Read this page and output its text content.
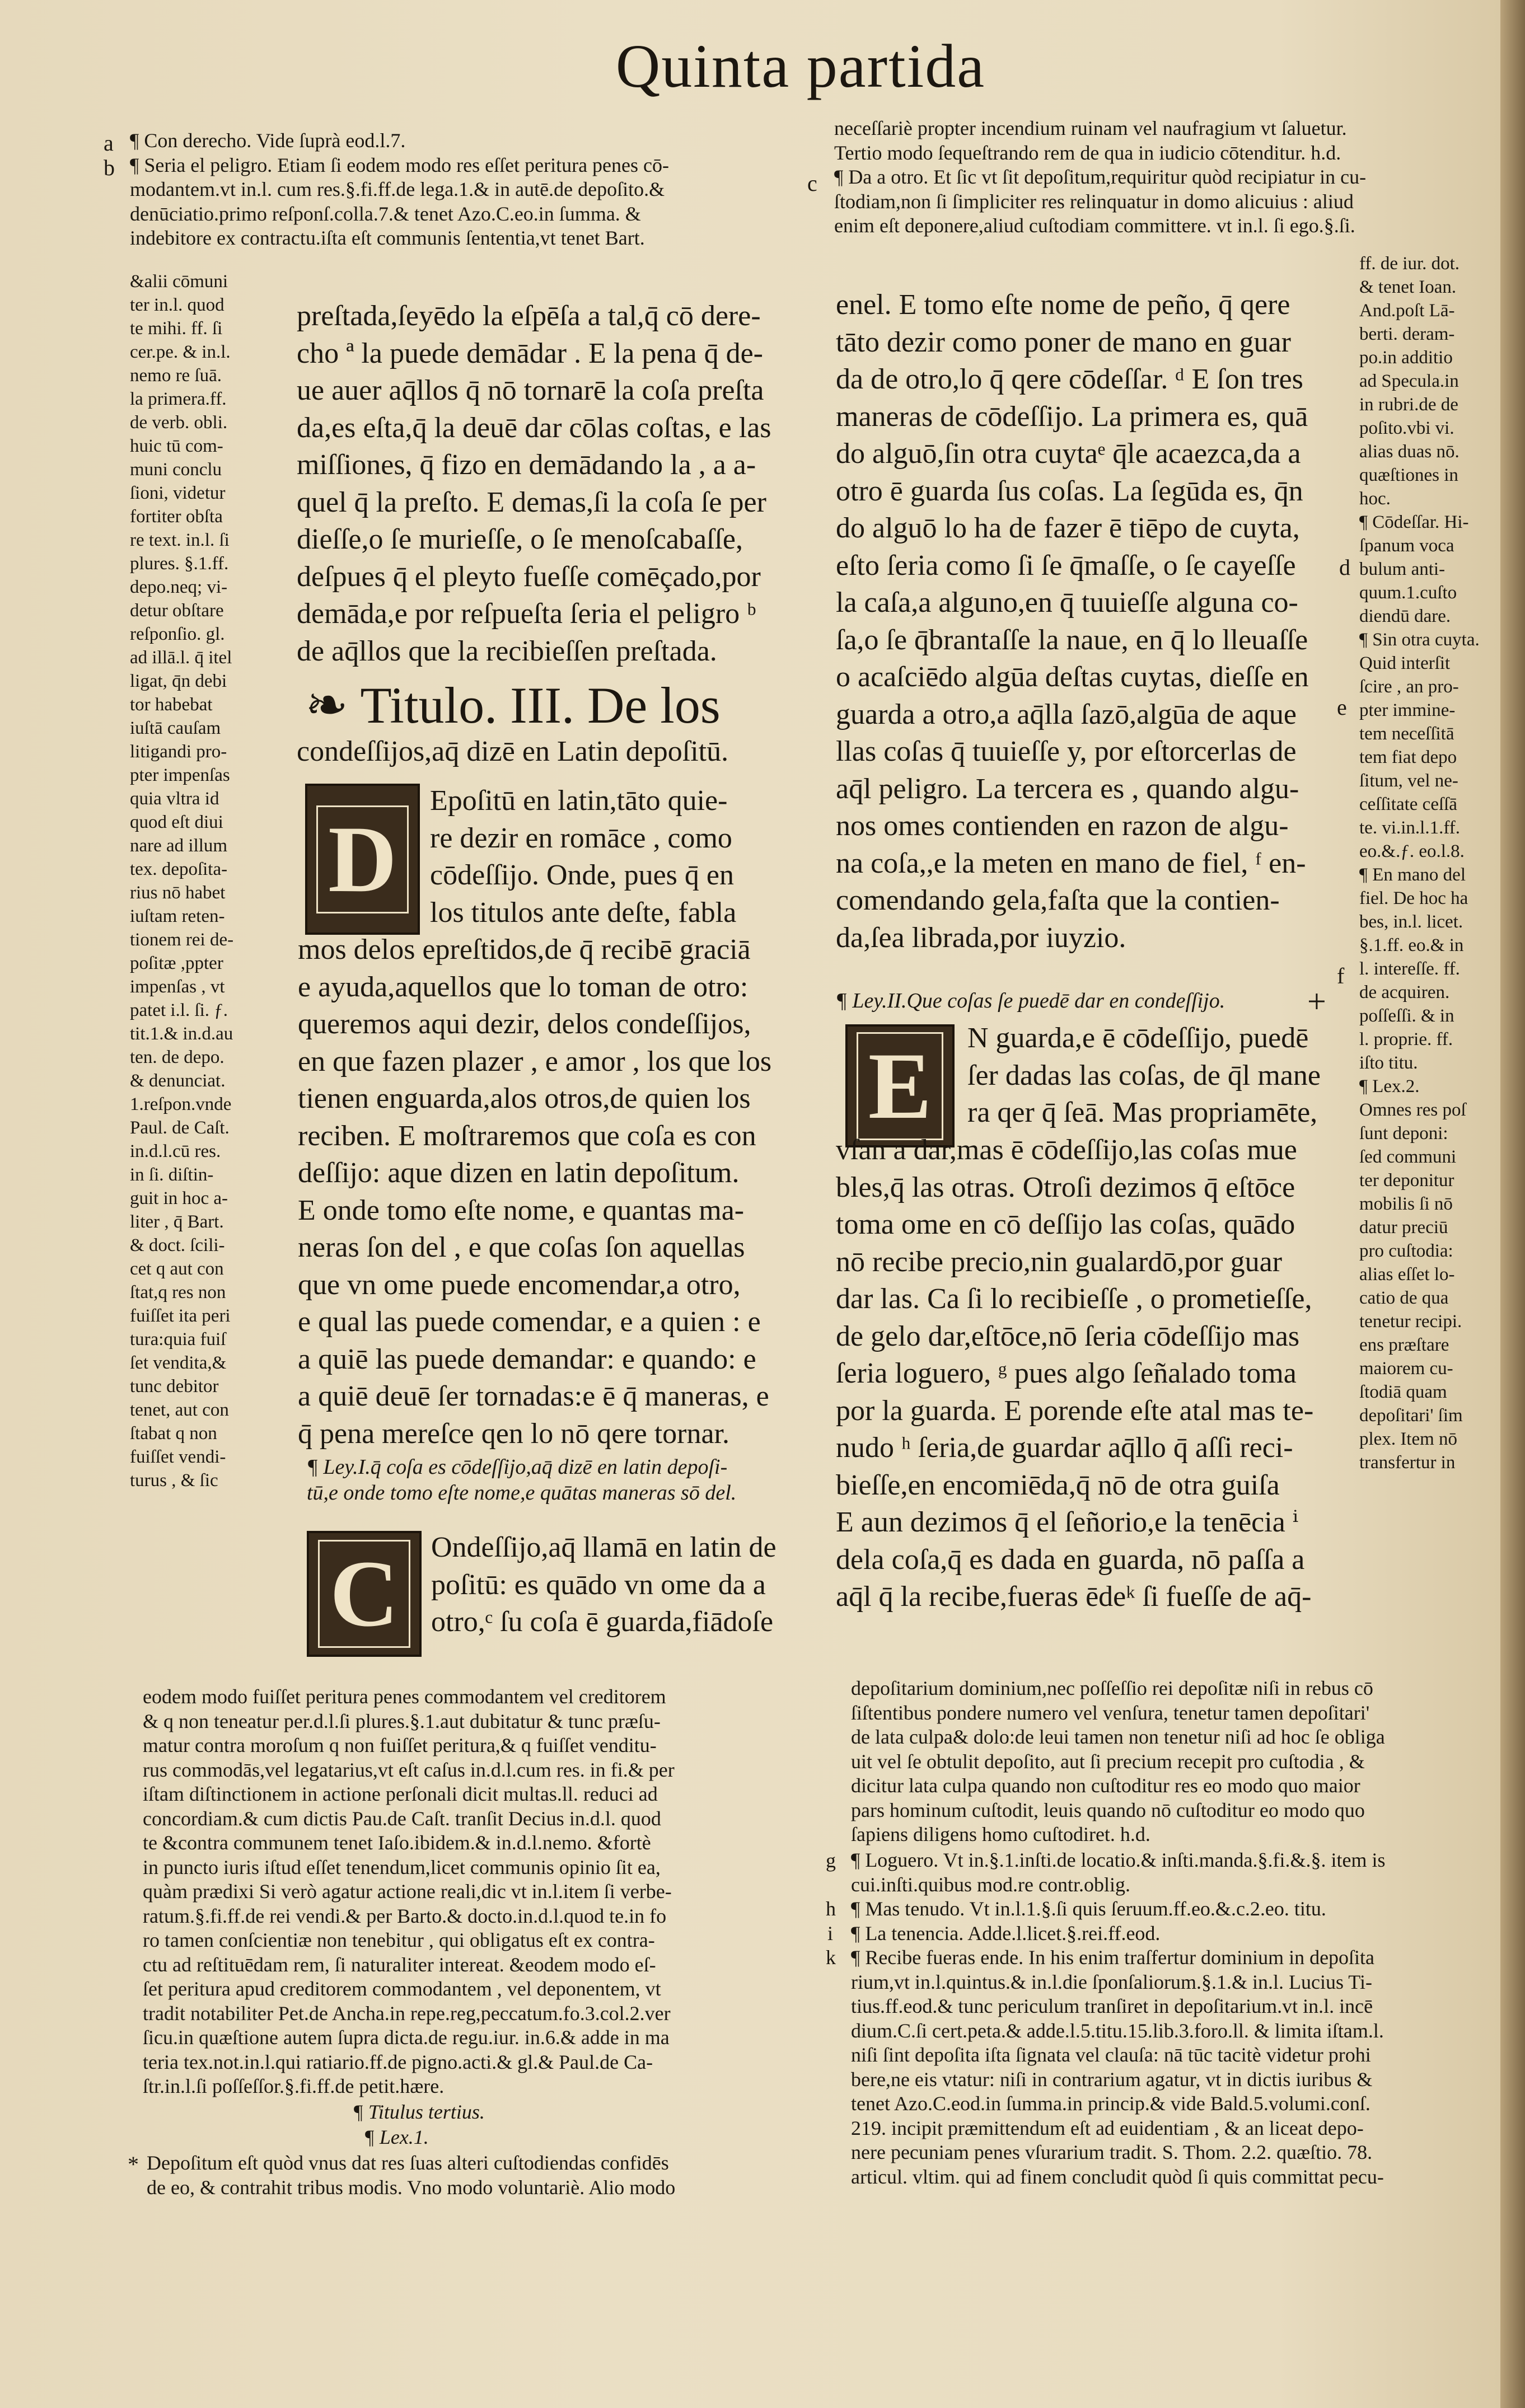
Quinta partida
¶ Con derecho. Vide ſuprà eod.l.7.
¶ Seria el peligro. Etiam ſi eodem modo res eſſet peritura penes cō-
modantem.vt in.l. cum res.§.fi.ff.de lega.1.& in autē.de depoſito.&
denūciatio.primo reſponſ.colla.7.& tenet Azo.C.eo.in ſumma. &
indebitore ex contractu.iſta eſt communis ſententia,vt tenet Bart.
a
b
&alii cōmuni
ter in.l. quod
te mihi. ff. ſi
cer.pe. & in.l.
nemo re ſuā.
la primera.ff.
de verb. obli.
huic tū com-
muni conclu
ſioni, videtur
fortiter obſta
re text. in.l. ſi
plures. §.1.ff.
depo.neq; vi-
detur obſtare
reſponſio. gl.
ad illā.l. q̄ itel
ligat, q̄n debi
tor habebat
iuſtā cauſam
litigandi pro-
pter impenſas
quia vltra id
quod eſt diui
nare ad illum
tex. depoſita-
rius nō habet
iuſtam reten-
tionem rei de-
poſitæ ,ppter
impenſas , vt
patet i.l. ſi. ƒ.
tit.1.& in.d.au
ten. de depo.
& denunciat.
1.reſpon.vnde
Paul. de Caſt.
in.d.l.cū res.
in ſi. diſtin-
guit in hoc a-
liter , q̄ Bart.
& doct. ſcili-
cet q aut con
ſtat,q res non
fuiſſet ita peri
tura:quia fuiſ
ſet vendita,&
tunc debitor
tenet, aut con
ſtabat q non
fuiſſet vendi-
turus , & ſic
preſtada,ſeyēdo la eſpēſa a tal,q̄ cō dere-
cho ª la puede demādar . E la pena q̄ de-
ue auer aq̄llos q̄ nō tornarē la coſa preſta
da,es eſta,q̄ la deuē dar cōlas coſtas, e las
miſſiones, q̄ fizo en demādando la , a a-
quel q̄ la preſto. E demas,ſi la coſa ſe per
dieſſe,o ſe murieſſe, o ſe menoſcabaſſe,
deſpues q̄ el pleyto fueſſe comēçado,por
demāda,e por reſpueſta ſeria el peligro ᵇ
de aq̄llos que la recibieſſen preſtada.
❧ Titulo. III. De los
condeſſijos,aq̄ dizē en Latin depoſitū.
D
Epoſitū en latin,tāto quie-
re dezir en romāce , como
cōdeſſijo. Onde, pues q̄ en
los titulos ante deſte, fabla
mos delos epreſtidos,de q̄ recibē graciā
e ayuda,aquellos que lo toman de otro:
queremos aqui dezir, delos condeſſijos,
en que fazen plazer , e amor , los que los
tienen enguarda,alos otros,de quien los
reciben. E moſtraremos que coſa es con
deſſijo: aque dizen en latin depoſitum.
E onde tomo eſte nome, e quantas ma-
neras ſon del , e que coſas ſon aquellas
que vn ome puede encomendar,a otro,
e qual las puede comendar, e a quien : e
a quiē las puede demandar: e quando: e
a quiē deuē ſer tornadas:e ē q̄ maneras, e
q̄ pena mereſce qen lo nō qere tornar.
¶ Ley.I.q̄ coſa es cōdeſſijo,aq̄ dizē en latin depoſi-
tū,e onde tomo eſte nome,e quātas maneras sō del.
C	Ondeſſijo,aq̄ llamā en latin de
poſitū: es quādo vn ome da a
otro,ᶜ ſu coſa ē guarda,fiādoſe
eodem modo fuiſſet peritura penes commodantem vel creditorem
& q non teneatur per.d.l.ſi plures.§.1.aut dubitatur & tunc præſu-
matur contra moroſum q non fuiſſet peritura,& q fuiſſet venditu-
rus commodās,vel legatarius,vt eſt caſus in.d.l.cum res. in fi.& per
iſtam diſtinctionem in actione perſonali dicit multas.ll. reduci ad
concordiam.& cum dictis Pau.de Caſt. tranſit Decius in.d.l. quod
te &contra communem tenet Iaſo.ibidem.& in.d.l.nemo. &fortè
in puncto iuris iſtud eſſet tenendum,licet communis opinio ſit ea,
quàm prædixi Si verò agatur actione reali,dic vt in.l.item ſi verbe-
ratum.§.fi.ff.de rei vendi.& per Barto.& docto.in.d.l.quod te.in fo
ro tamen conſcientiæ non tenebitur , qui obligatus eſt ex contra-
ctu ad reſtituēdam rem, ſi naturaliter intereat. &eodem modo eſ-
ſet peritura apud creditorem commodantem , vel deponentem, vt
tradit notabiliter Pet.de Ancha.in repe.reg,peccatum.fo.3.col.2.ver
ſicu.in quæſtione autem ſupra dicta.de regu.iur. in.6.& adde in ma
teria tex.not.in.l.qui ratiario.ff.de pigno.acti.& gl.& Paul.de Ca-
ſtr.in.l.ſi poſſeſſor.§.fi.ff.de petit.hære.
¶ Titulus tertius.
¶ Lex.1.
* Depoſitum eſt quòd vnus dat res ſuas alteri cuſtodiendas confidēs
de eo, & contrahit tribus modis. Vno modo voluntariè. Alio modo
c
neceſſariè propter incendium ruinam vel naufragium vt ſaluetur.
Tertio modo ſequeſtrando rem de qua in iudicio cōtenditur. h.d.
¶ Da a otro. Et ſic vt ſit depoſitum,requiritur quòd recipiatur in cu-
ſtodiam,non ſi ſimpliciter res relinquatur in domo alicuius : aliud
enim eſt deponere,aliud cuſtodiam committere. vt in.l. ſi ego.§.ſi.
ff. de iur. dot.
& tenet Ioan.
And.poſt Lā-
berti. deram-
po.in additio
ad Specula.in
in rubri.de de
poſito.vbi vi.
alias duas nō.
quæſtiones in
hoc.
¶ Cōdeſſar. Hi-
ſpanum voca
bulum anti-
quum.1.cuſto
diendū dare.
¶ Sin otra cuyta.
Quid interſit
ſcire , an pro-
pter immine-
tem neceſſitā
tem fiat depo
ſitum, vel ne-
ceſſitate ceſſā
te. vi.in.l.1.ff.
eo.&.ƒ. eo.l.8.
¶ En mano del
fiel. De hoc ha
bes, in.l. licet.
§.1.ff. eo.& in
l. intereſſe. ff.
de acquiren.
poſſeſſi. & in
l. proprie. ff.
iſto titu.
¶ Lex.2.
Omnes res poſ
ſunt deponi:
ſed communi
ter deponitur
mobilis ſi nō
datur preciū
pro cuſtodia:
alias eſſet lo-
catio de qua
tenetur recipi.
ens præſtare
maiorem cu-
ſtodiā quam
depoſitari' ſim
plex. Item nō
transfertur in
d
e
f
+
enel. E tomo eſte nome de peño, q̄ qere
tāto dezir como poner de mano en guar
da de otro,lo q̄ qere cōdeſſar. ᵈ E ſon tres
maneras de cōdeſſijo. La primera es, quā
do alguō,ſin otra cuytaᵉ q̄le acaezca,da a
otro ē guarda ſus coſas. La ſegūda es, q̄n
do alguō lo ha de fazer ē tiēpo de cuyta,
eſto ſeria como ſi ſe q̄maſſe, o ſe cayeſſe
la caſa,a alguno,en q̄ tuuieſſe alguna co-
ſa,o ſe q̄brantaſſe la naue, en q̄ lo lleuaſſe
o acaſciēdo algūa deſtas cuytas, dieſſe en
guarda a otro,a aq̄lla ſazō,algūa de aque
llas coſas q̄ tuuieſſe y, por eſtorcerlas de
aq̄l peligro. La tercera es , quando algu-
nos omes contienden en razon de algu-
na coſa,,e la meten en mano de fiel, ᶠ en-
comendando gela,faſta que la contien-
da,ſea librada,por iuyzio.
¶ Ley.II.Que coſas ſe puedē dar en condeſſijo.
E	N guarda,e ē cōdeſſijo, puedē
ſer dadas las coſas, de q̄l mane
ra qer q̄ ſeā. Mas propriamēte,
vſan a dar,mas ē cōdeſſijo,las coſas mue
bles,q̄ las otras. Otroſi dezimos q̄ eſtōce
toma ome en cō deſſijo las coſas, quādo
nō recibe precio,nin gualardō,por guar
dar las. Ca ſi lo recibieſſe , o prometieſſe,
de gelo dar,eſtōce,nō ſeria cōdeſſijo mas
ſeria loguero, ᵍ pues algo ſeñalado toma
por la guarda. E porende eſte atal mas te-
nudo ʰ ſeria,de guardar aq̄llo q̄ aſſi reci-
bieſſe,en encomiēda,q̄ nō de otra guiſa
E aun dezimos q̄ el ſeñorio,e la tenēcia ⁱ
dela coſa,q̄ es dada en guarda, nō paſſa a
aq̄l q̄ la recibe,fueras ēdeᵏ ſi fueſſe de aq̄-
depoſitarium dominium,nec poſſeſſio rei depoſitæ niſi in rebus cō
ſiſtentibus pondere numero vel venſura, tenetur tamen depoſitari'
de lata culpa& dolo:de leui tamen non tenetur niſi ad hoc ſe obliga
uit vel ſe obtulit depoſito, aut ſi precium recepit pro cuſtodia , &
dicitur lata culpa quando non cuſtoditur res eo modo quo maior
pars hominum cuſtodit, leuis quando nō cuſtoditur eo modo quo
ſapiens diligens homo cuſtodiret. h.d.
g
h
i
k
¶ Loguero. Vt in.§.1.inſti.de locatio.& inſti.manda.§.fi.&.§. item is
cui.inſti.quibus mod.re contr.oblig.
¶ Mas tenudo. Vt in.l.1.§.ſi quis ſeruum.ff.eo.&.c.2.eo. titu.
¶ La tenencia. Adde.l.licet.§.rei.ff.eod.
¶ Recibe fueras ende. In his enim traſfertur dominium in depoſita
rium,vt in.l.quintus.& in.l.die ſponſaliorum.§.1.& in.l. Lucius Ti-
tius.ff.eod.& tunc periculum tranſiret in depoſitarium.vt in.l. incē
dium.C.ſi cert.peta.& adde.l.5.titu.15.lib.3.foro.ll. & limita iſtam.l.
niſi ſint depoſita iſta ſignata vel clauſa: nā tūc tacitè videtur prohi
bere,ne eis vtatur: niſi in contrarium agatur, vt in dictis iuribus &
tenet Azo.C.eod.in ſumma.in princip.& vide Bald.5.volumi.conſ.
219. incipit præmittendum eſt ad euidentiam , & an liceat depo-
nere pecuniam penes vſurarium tradit. S. Thom. 2.2. quæſtio. 78.
articul. vltim. qui ad finem concludit quòd ſi quis committat pecu-
